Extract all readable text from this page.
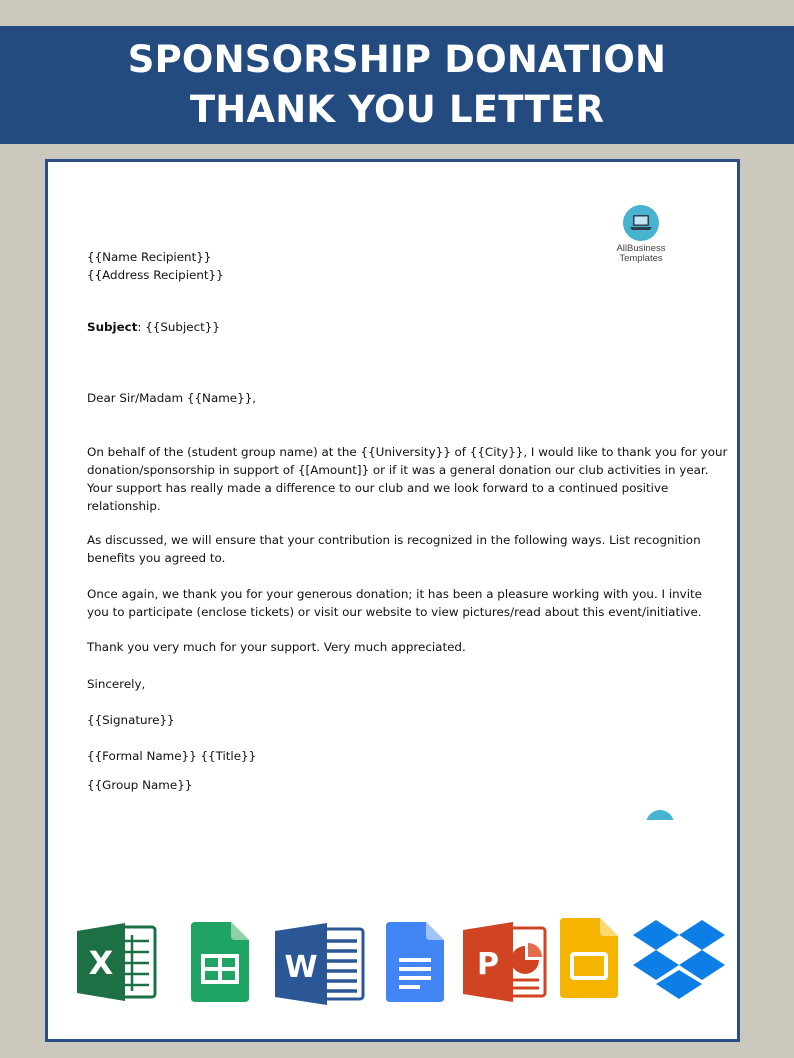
SPONSORSHIP DONATION
THANK YOU LETTER
AllBusiness
Templates
{{Name Recipient}}
{{Address Recipient}}
Subject: {{Subject}}
Dear Sir/Madam {{Name}},
On behalf of the (student group name) at the {{University}} of {{City}}, I would like to thank you for your
donation/sponsorship in support of {[Amount]} or if it was a general donation our club activities in year.
Your support has really made a difference to our club and we look forward to a continued positive
relationship.
As discussed, we will ensure that your contribution is recognized in the following ways. List recognition
benefits you agreed to.
Once again, we thank you for your generous donation; it has been a pleasure working with you. I invite
you to participate (enclose tickets) or visit our website to view pictures/read about this event/initiative.
Thank you very much for your support. Very much appreciated.
Sincerely,
{{Signature}}
{{Formal Name}} {{Title}}
{{Group Name}}
X	W	P
